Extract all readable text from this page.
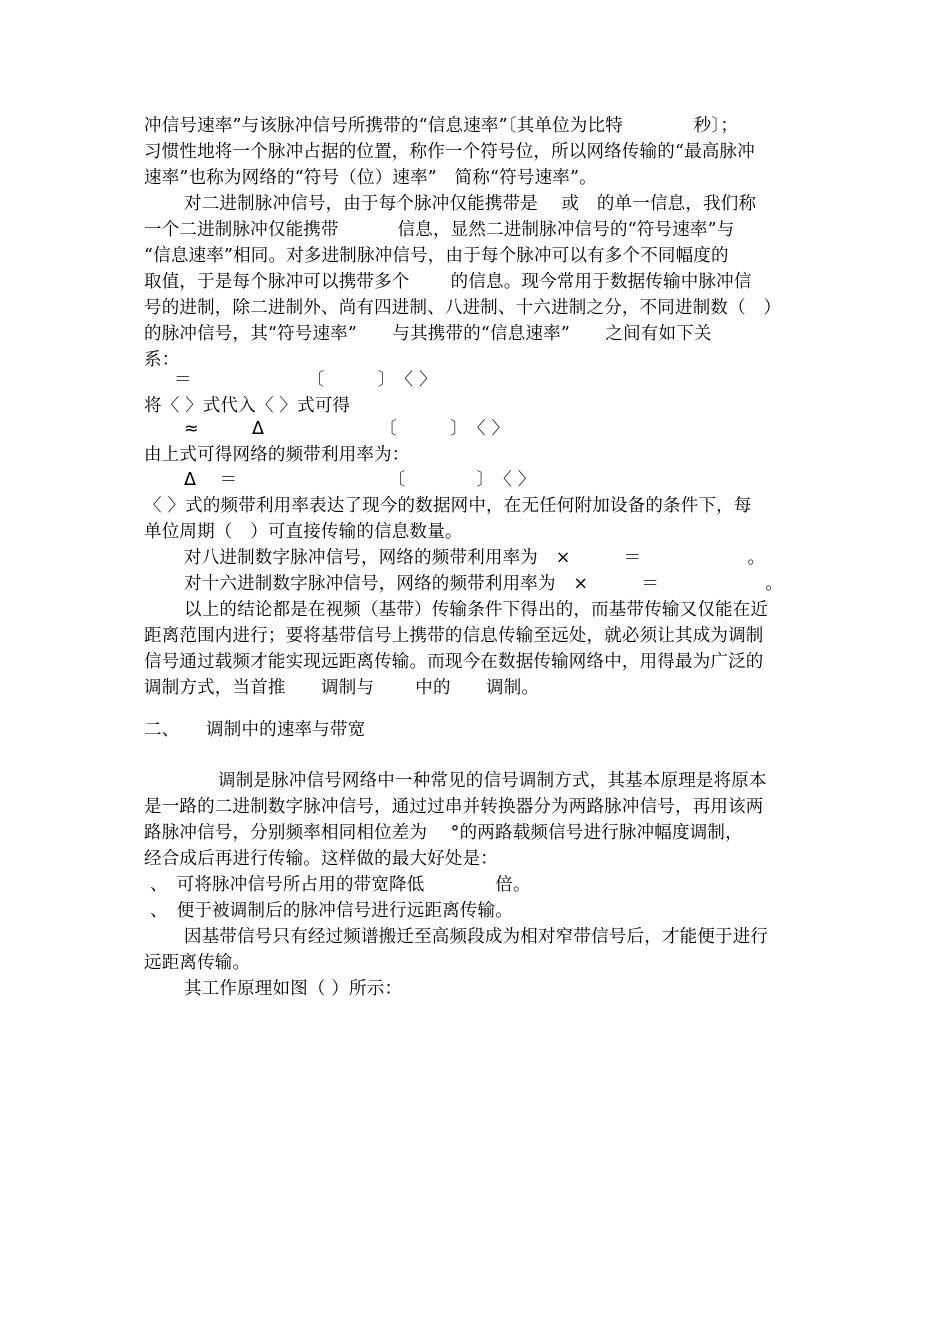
冲信号速率”与该脉冲信号所携带的“信息速率”〔其单位为比特　　　　秒〕；
习惯性地将一个脉冲占据的位置，称作一个符号位，所以网络传输的“最高脉冲
速率”也称为网络的“符号（位）速率”　简称“符号速率”。
对二进制脉冲信号，由于每个脉冲仅能携带是　 或　的单一信息，我们称
一个二进制脉冲仅能携带　　　 信息，显然二进制脉冲信号的“符号速率”与
“信息速率”相同。对多进制脉冲信号，由于每个脉冲可以有多个不同幅度的
取值，于是每个脉冲可以携带多个　　 的信息。现今常用于数据传输中脉冲信
号的进制，除二进制外、尚有四进制、八进制、十六进制之分，不同进制数（　）
的脉冲信号，其“符号速率”　　与其携带的“信息速率”　　之间有如下关
系：
＝　　　　　　　〔　　　〕　〈 〉
将〈 〉式代入〈 〉式可得
≈　　　Δ　　　　　　　〔　　　〕　〈 〉
由上式可得网络的频带利用率为：
Δ　 ＝　　　　　　　　　〔　　　　〕　〈 〉
〈 〉式的频带利用率表达了现今的数据网中，在无任何附加设备的条件下，每
单位周期（　）可直接传输的信息数量。
对八进制数字脉冲信号，网络的频带利用率为　×　　　＝　　　　　　。
对十六进制数字脉冲信号，网络的频带利用率为　×　　　＝　　　　　　。
以上的结论都是在视频（基带）传输条件下得出的，而基带传输又仅能在近
距离范围内进行；要将基带信号上携带的信息传输至远处，就必须让其成为调制
信号通过载频才能实现远距离传输。而现今在数据传输网络中，用得最为广泛的
调制方式，当首推　　调制与　　 中的　　调制。
二、　　调制中的速率与带宽
调制是脉冲信号网络中一种常见的信号调制方式，其基本原理是将原本
是一路的二进制数字脉冲信号，通过过串并转换器分为两路脉冲信号，再用该两
路脉冲信号，分别频率相同相位差为　 °的两路载频信号进行脉冲幅度调制，
经合成后再进行传输。这样做的最大好处是：
、　可将脉冲信号所占用的带宽降低　　　　倍。
、　便于被调制后的脉冲信号进行远距离传输。
因基带信号只有经过频谱搬迁至高频段成为相对窄带信号后，才能便于进行
远距离传输。
其工作原理如图（ ）所示：
